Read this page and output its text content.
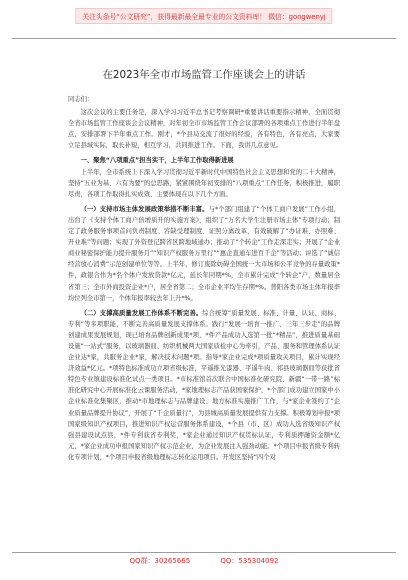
关注头条号“公文研究”，获得最新最全最专业的公文资料库！ 微信：gongwenyj
在2023年全市市场监管工作座谈会上的讲话

同志们：

这次会议的主要任务是，深入学习习近平总书记考察调研*重要讲话重要指示精神，全面贯彻全省市场监管工作座谈会会议精神，对年初全市市场监管工作会议部署的各项重点工作进行半年盘点，安排部署下半年重点工作。刚才，*个县局交流了很好的经验，各有特色，各有亮点，大家要立足县域实际，取长补短，相互学习，共同推进工作。下面，我讲几点意见。

一、聚焦“八项重点”担当实干，上半年工作取得新进展

上半年，全市系统上下深入学习贯彻习近平新时代中国特色社会主义思想和党的二十大精神，坚持“五业为基、六有为要”的总思路，紧紧围绕年初安排的“八项重点”工作任务，积极推进，履职尽责，各项工作取得扎实成效、主要体现在以下几个方面。

（一）支持市场主体发展政策举措不断丰富。与*个部门组建了“个体工商户发展”工作小组，出台了《支持个体工商户倍增质升的实施方案》，组织了“万名大学生注册市场主体”专项行动；制定了政务服务事项首问负责制度、容缺受理制度、证照分离改革，有效破解了“办证难、办照难、开业难”等问题；实现了外资登记跨省区跨地域通办；推动了“个转企”工作走深走实；开展了“企业商业秘密保护能力提升服务月”“知识产权服务万里行”“惠企直通车进百千企”等活动；评选了“诚信经营放心消费”示范创建单位等等。上半年，修订废除妨碍全国统一大市场和公平竞争的存量政策*件，政银合作为*名个体户发放贷款*亿元，延长年同期*%，全市累计完成“个转企”户，数量居全省第三；全市外商投资企业*户，居全省第二；全市企业平均生存期*%。普阳各类市场主体年报率均位列全市第一，个体年报率较去年上升*%。

（二）支撑高质量发展工作体系不断完善。综合统筹“质量发展、标准、计量、认证、商标、专利”等多项职能，不断完善高质量发展支撑体系。践行“发展一培育一推广、三年三步走”的品牌创建成果发展规划，现已培育品牌创新成果*项，*件产品成功入选第一批“*精品”，推进质量基础设施“一站式”服务，以玻璃器皿、纺织机械两大国家质检中心为牵引，产品、服务和管理体系认证企业达*家，共服务企业*家，解决技术问题*项。指导*家企业完成*项质量攻关项目，累计实现经济效益*亿元。*项特色标准成功立项省级标准，平遥推光漆器、平遥牛肉、祁县玻璃器皿等获批省特色专业镇建设标准化试点一类项目。*市标准馆首次联合中国标准化研究院、新疆“一带一路”标准化研究中心开展标准化云课服务活动，*家地理标志产品获国家保护，*个部门成功建立国家中小企业标准化集聚区，推动*市地理标志与品牌建设、地方标准实施推广工作，与*家企业签约了“企业质量品牌提升协议”，开展了“千企质量行”，为县城高质量发展提供有力支撑。积极筹划申报*项国家级知识产权项目，推进知识产权运营服务体系建设，*个县（市、区）成功入选省级知识产权强县建设试点县，*件专利获省专利奖，*家企业通过知识产权贯标认证，专利质押融资金额*亿元，*家企业成功申报国家知识产权示范企业，为企业发展注入强劲动能。*个项目申报省级专利转化专项计划，*个项目申报省级地理标志转化运用项目。开发区坚持“四个对

QQ群：30265665	QQ：535304092
